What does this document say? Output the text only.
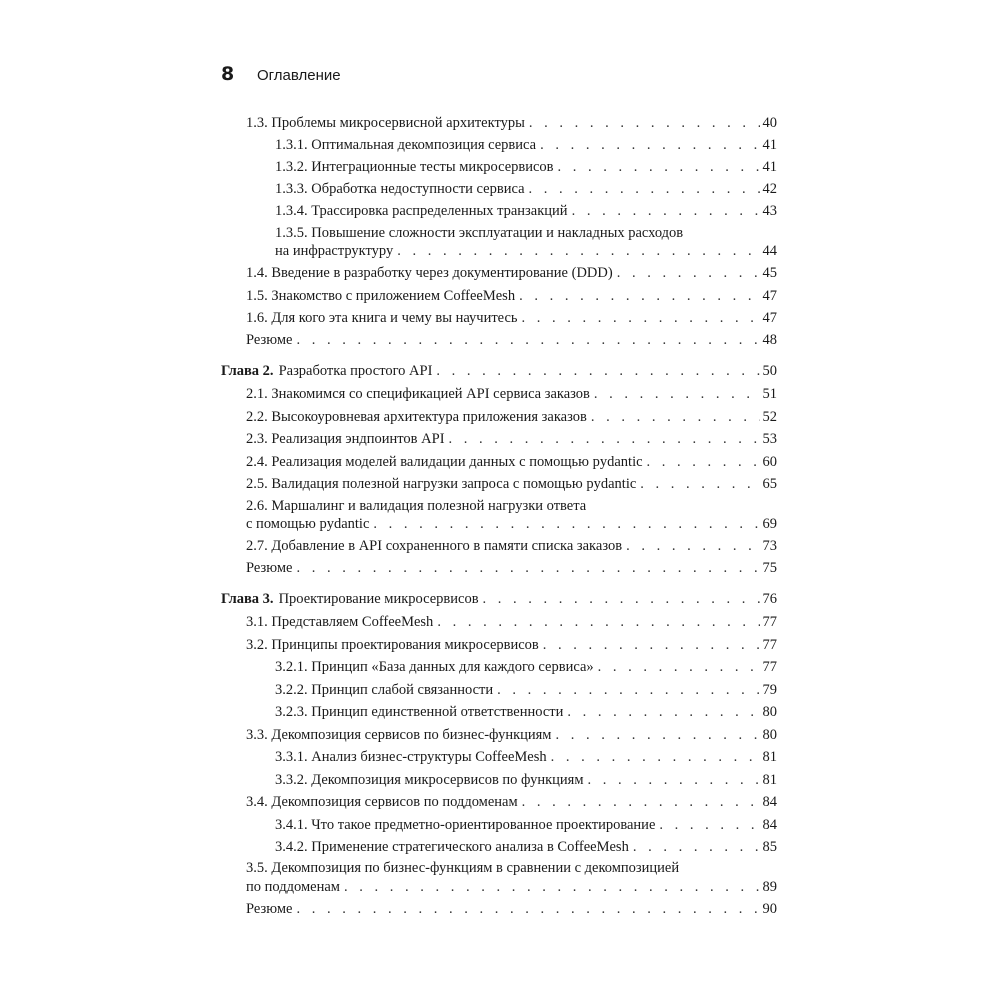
8	Оглавление
1.3. Проблемы микросервисной архитектуры . . .	40
1.3.1. Оптимальная декомпозиция сервиса . . .	41
1.3.2. Интеграционные тесты микросервисов . . .	41
1.3.3. Обработка недоступности сервиса . . .	42
1.3.4. Трассировка распределенных транзакций . . .	43
1.3.5. Повышение сложности эксплуатации и накладных расходов
на инфраструктуру . . .	44
1.4. Введение в разработку через документирование (DDD) . . .	45
1.5. Знакомство с приложением CoffeeMesh . . .	47
1.6. Для кого эта книга и чему вы научитесь . . .	47
Резюме . . .	48
Глава 2. Разработка простого API . . .	50
2.1. Знакомимся со спецификацией API сервиса заказов . . .	51
2.2. Высокоуровневая архитектура приложения заказов . . .	52
2.3. Реализация эндпоинтов API . . .	53
2.4. Реализация моделей валидации данных с помощью pydantic . . .	60
2.5. Валидация полезной нагрузки запроса с помощью pydantic . . .	65
2.6. Маршалинг и валидация полезной нагрузки ответа
с помощью pydantic . . .	69
2.7. Добавление в API сохраненного в памяти списка заказов . . .	73
Резюме . . .	75
Глава 3. Проектирование микросервисов . . .	76
3.1. Представляем CoffeeMesh . . .	77
3.2. Принципы проектирования микросервисов . . .	77
3.2.1. Принцип «База данных для каждого сервиса» . . .	77
3.2.2. Принцип слабой связанности . . .	79
3.2.3. Принцип единственной ответственности . . .	80
3.3. Декомпозиция сервисов по бизнес-функциям . . .	80
3.3.1. Анализ бизнес-структуры CoffeeMesh . . .	81
3.3.2. Декомпозиция микросервисов по функциям . . .	81
3.4. Декомпозиция сервисов по поддоменам . . .	84
3.4.1. Что такое предметно-ориентированное проектирование . . .	84
3.4.2. Применение стратегического анализа в CoffeeMesh . . .	85
3.5. Декомпозиция по бизнес-функциям в сравнении с декомпозицией
по поддоменам . . .	89
Резюме . . .	90
